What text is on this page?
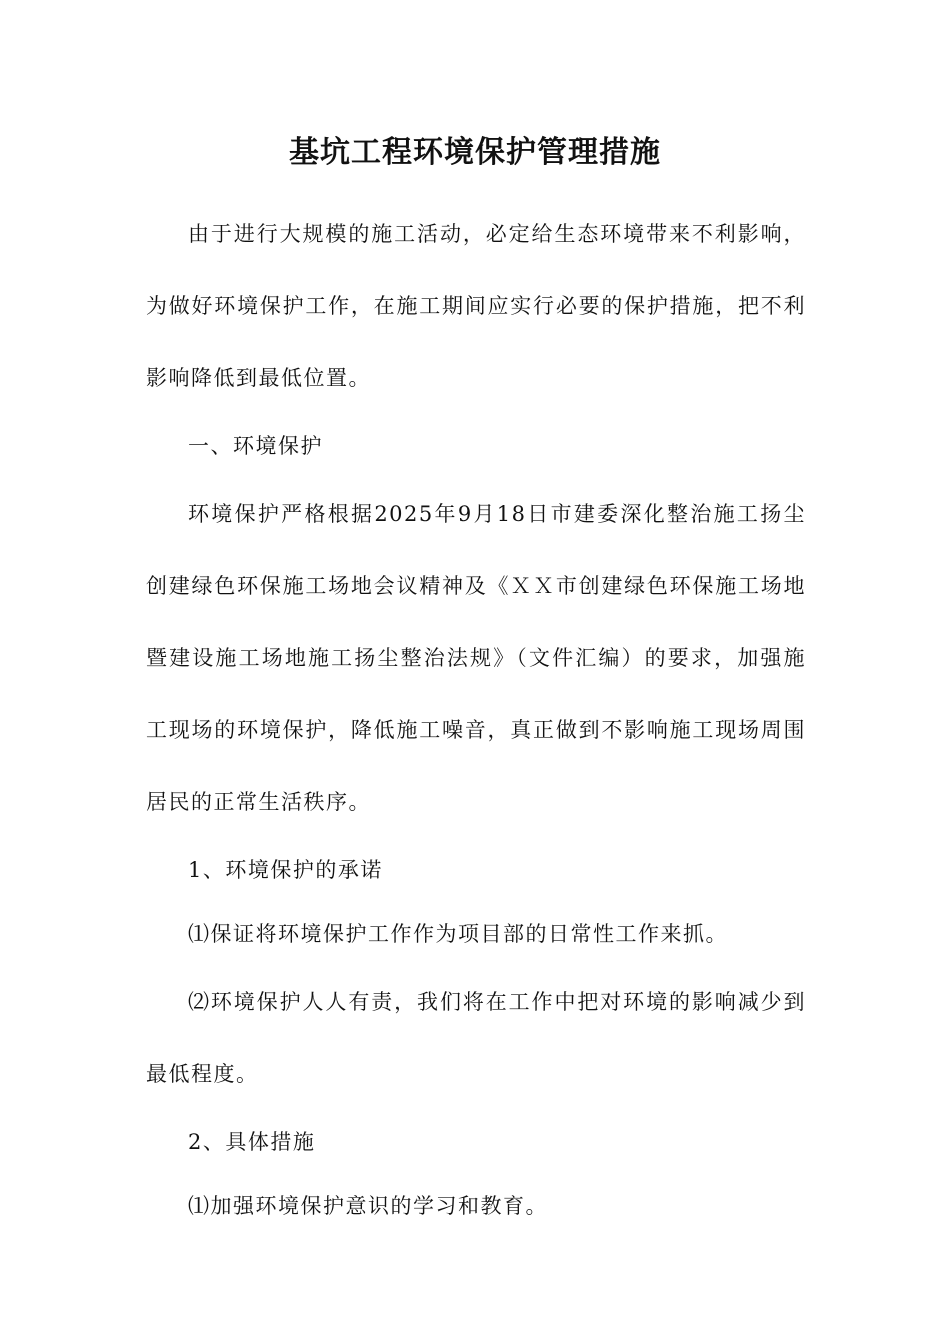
基坑工程环境保护管理措施

由于进行大规模的施工活动，必定给生态环境带来不利影响，为做好环境保护工作，在施工期间应实行必要的保护措施，把不利影响降低到最低位置。

一、环境保护

环境保护严格根据2025年9月18日市建委深化整治施工扬尘创建绿色环保施工场地会议精神及《ＸＸ市创建绿色环保施工场地暨建设施工场地施工扬尘整治法规》（文件汇编）的要求，加强施工现场的环境保护，降低施工噪音，真正做到不影响施工现场周围居民的正常生活秩序。

1、环境保护的承诺

⑴保证将环境保护工作作为项目部的日常性工作来抓。

⑵环境保护人人有责，我们将在工作中把对环境的影响减少到最低程度。

2、具体措施

⑴加强环境保护意识的学习和教育。
